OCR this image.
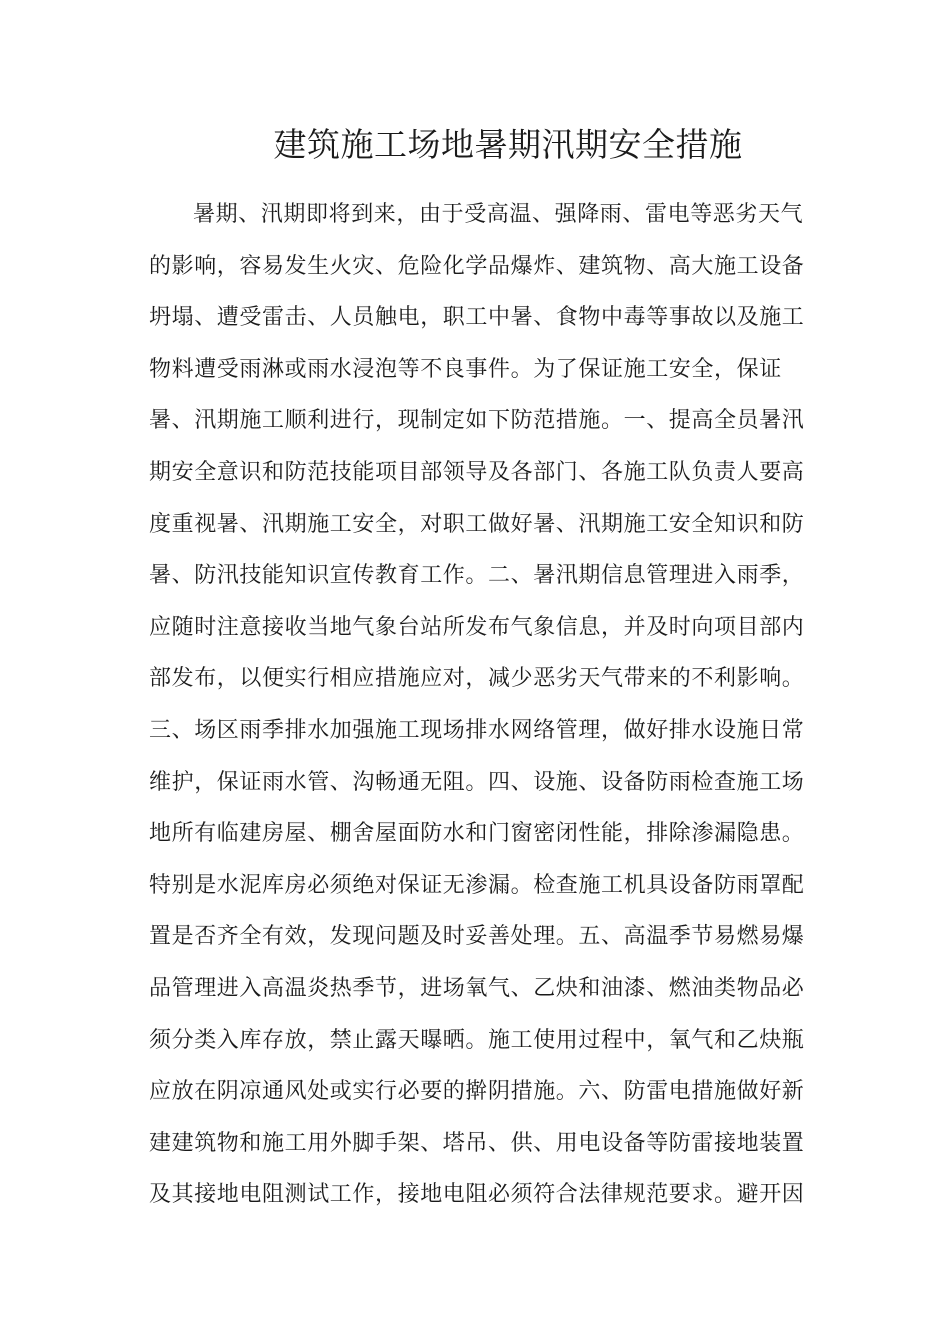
建筑施工场地暑期汛期安全措施
暑期、汛期即将到来，由于受高温、强降雨、雷电等恶劣天气
的影响，容易发生火灾、危险化学品爆炸、建筑物、高大施工设备
坍塌、遭受雷击、人员触电，职工中暑、食物中毒等事故以及施工
物料遭受雨淋或雨水浸泡等不良事件。为了保证施工安全，保证
暑、汛期施工顺利进行，现制定如下防范措施。一、提高全员暑汛
期安全意识和防范技能项目部领导及各部门、各施工队负责人要高
度重视暑、汛期施工安全，对职工做好暑、汛期施工安全知识和防
暑、防汛技能知识宣传教育工作。二、暑汛期信息管理进入雨季，
应随时注意接收当地气象台站所发布气象信息，并及时向项目部内
部发布，以便实行相应措施应对，减少恶劣天气带来的不利影响。
三、场区雨季排水加强施工现场排水网络管理，做好排水设施日常
维护，保证雨水管、沟畅通无阻。四、设施、设备防雨检查施工场
地所有临建房屋、棚舍屋面防水和门窗密闭性能，排除渗漏隐患。
特别是水泥库房必须绝对保证无渗漏。检查施工机具设备防雨罩配
置是否齐全有效，发现问题及时妥善处理。五、高温季节易燃易爆
品管理进入高温炎热季节，进场氧气、乙炔和油漆、燃油类物品必
须分类入库存放，禁止露天曝晒。施工使用过程中，氧气和乙炔瓶
应放在阴凉通风处或实行必要的擀阴措施。六、防雷电措施做好新
建建筑物和施工用外脚手架、塔吊、供、用电设备等防雷接地装置
及其接地电阻测试工作，接地电阻必须符合法律规范要求。避开因
